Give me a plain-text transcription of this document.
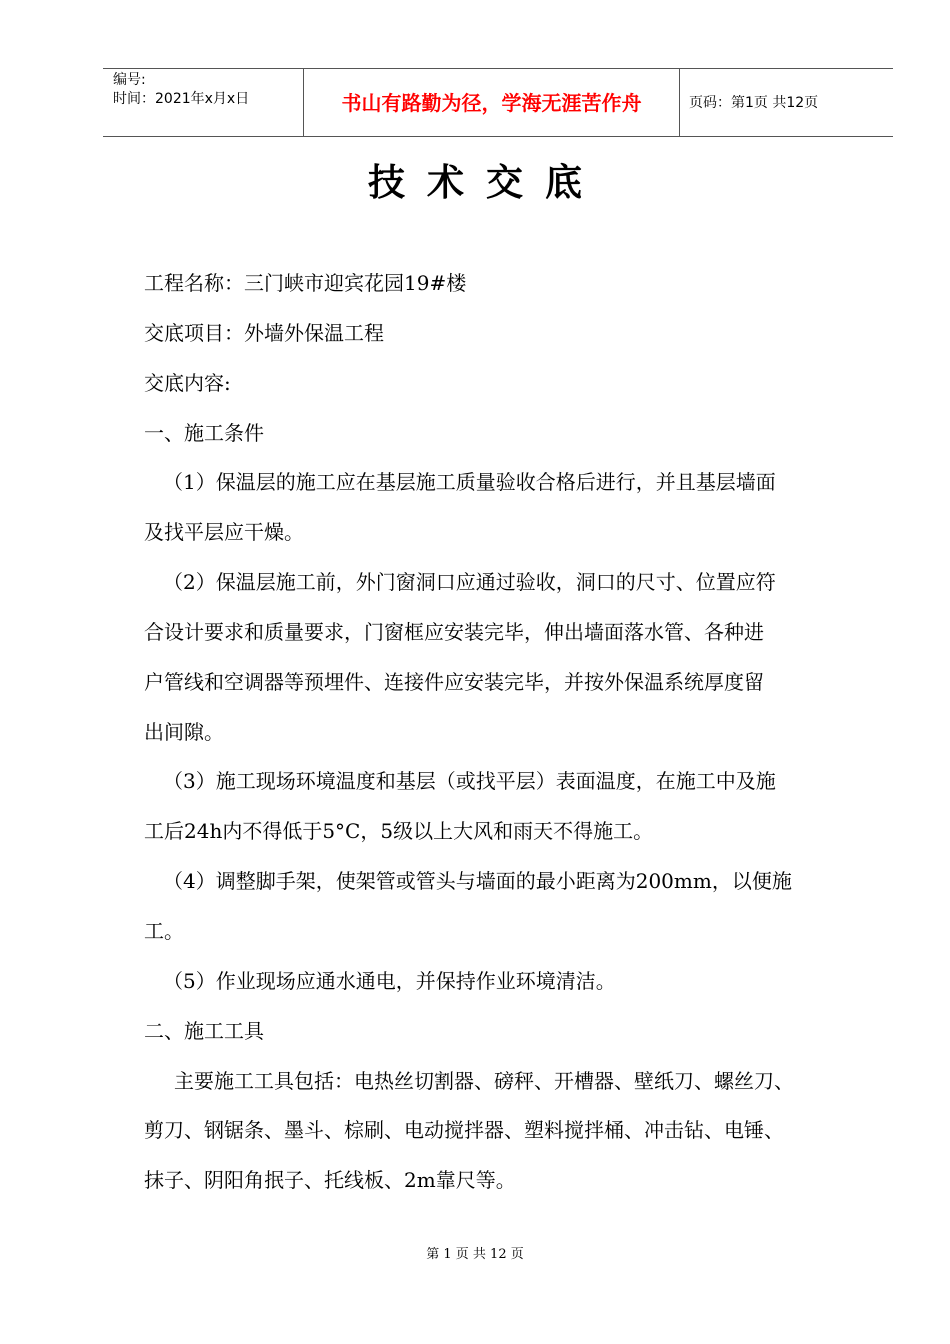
编号:
时间：2021年x月x日	书山有路勤为径，学海无涯苦作舟	页码：第1页 共12页
技术交底
工程名称：三门峡市迎宾花园19#楼
交底项目：外墙外保温工程
交底内容:
一、施工条件
（1）保温层的施工应在基层施工质量验收合格后进行，并且基层墙面
及找平层应干燥。
（2）保温层施工前，外门窗洞口应通过验收，洞口的尺寸、位置应符
合设计要求和质量要求，门窗框应安装完毕，伸出墙面落水管、各种进
户管线和空调器等预埋件、连接件应安装完毕，并按外保温系统厚度留
出间隙。
（3）施工现场环境温度和基层（或找平层）表面温度，在施工中及施
工后24h内不得低于5°C，5级以上大风和雨天不得施工。
（4）调整脚手架，使架管或管头与墙面的最小距离为200mm，以便施
工。
（5）作业现场应通水通电，并保持作业环境清洁。
二、施工工具
主要施工工具包括：电热丝切割器、磅秤、开槽器、壁纸刀、螺丝刀、
剪刀、钢锯条、墨斗、棕刷、电动搅拌器、塑料搅拌桶、冲击钻、电锤、
抹子、阴阳角抿子、托线板、2m靠尺等。
第 1 页 共 12 页
